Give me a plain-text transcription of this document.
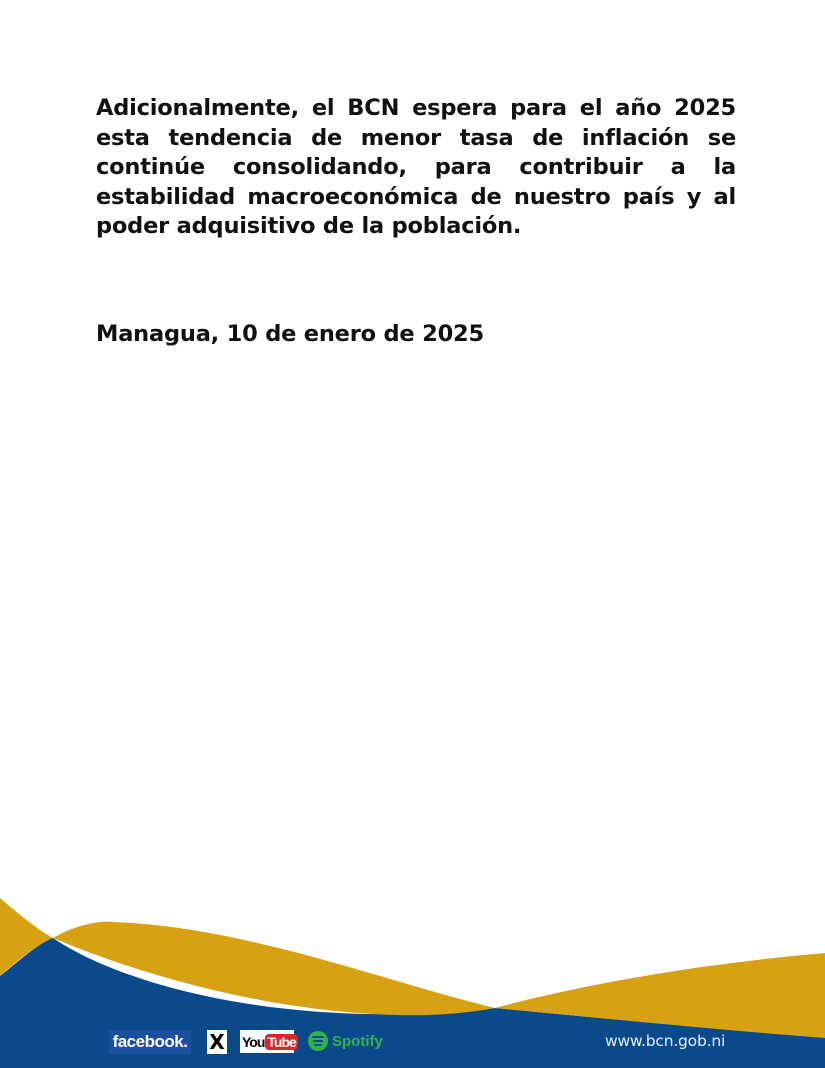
Adicionalmente, el BCN espera para el año 2025 esta tendencia de menor tasa de inflación se continúe consolidando, para contribuir a la estabilidad macroeconómica de nuestro país y al poder adquisitivo de la población.
Managua, 10 de enero de 2025
facebook. X You Tube Spotify	www.bcn.gob.ni
